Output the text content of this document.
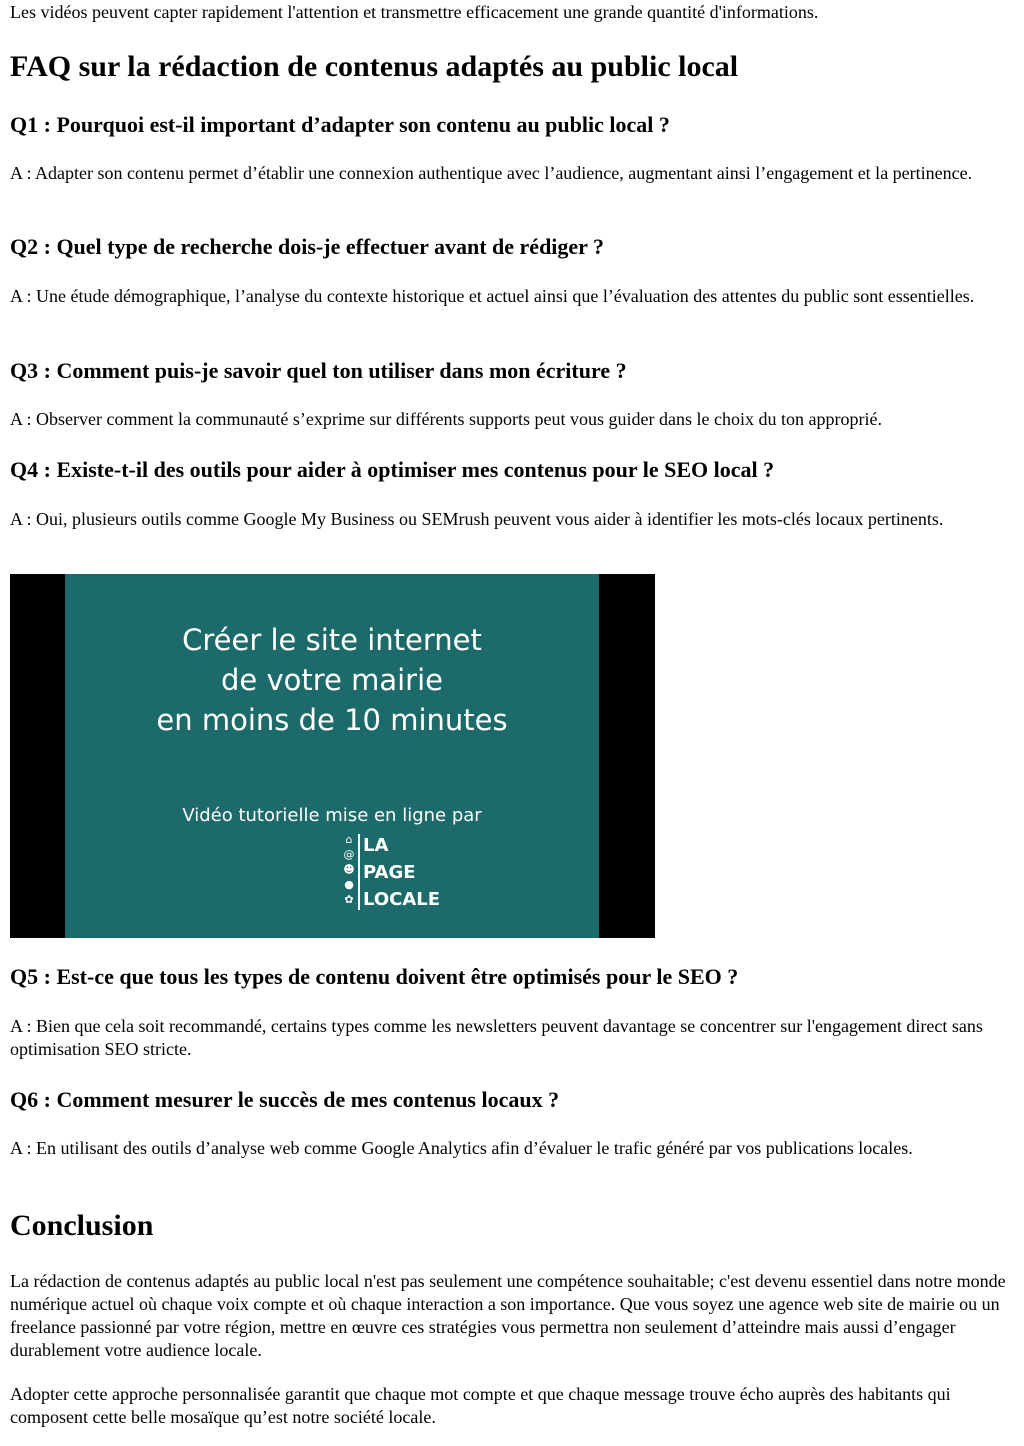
Les vidéos peuvent capter rapidement l'attention et transmettre efficacement une grande quantité d'informations.

FAQ sur la rédaction de contenus adaptés au public local
Q1 : Pourquoi est-il important d’adapter son contenu au public local ?

A : Adapter son contenu permet d’établir une connexion authentique avec l’audience, augmentant ainsi l’engagement et la pertinence.

Q2 : Quel type de recherche dois-je effectuer avant de rédiger ?

A : Une étude démographique, l’analyse du contexte historique et actuel ainsi que l’évaluation des attentes du public sont essentielles.

Q3 : Comment puis-je savoir quel ton utiliser dans mon écriture ?

A : Observer comment la communauté s’exprime sur différents supports peut vous guider dans le choix du ton approprié.

Q4 : Existe-t-il des outils pour aider à optimiser mes contenus pour le SEO local ?

A : Oui, plusieurs outils comme Google My Business ou SEMrush peuvent vous aider à identifier les mots-clés locaux pertinents.

Créer le site internet
de votre mairie
en moins de 10 minutes
Vidéo tutorielle mise en ligne par
⌂
@
☻
●
✿
LA
PAGE
LOCALE
Q5 : Est-ce que tous les types de contenu doivent être optimisés pour le SEO ?

A : Bien que cela soit recommandé, certains types comme les newsletters peuvent davantage se concentrer sur l'engagement direct sans optimisation SEO stricte.

Q6 : Comment mesurer le succès de mes contenus locaux ?

A : En utilisant des outils d’analyse web comme Google Analytics afin d’évaluer le trafic généré par vos publications locales.

Conclusion

La rédaction de contenus adaptés au public local n'est pas seulement une compétence souhaitable; c'est devenu essentiel dans notre monde numérique actuel où chaque voix compte et où chaque interaction a son importance. Que vous soyez une agence web site de mairie ou un freelance passionné par votre région, mettre en œuvre ces stratégies vous permettra non seulement d’atteindre mais aussi d’engager durablement votre audience locale.

Adopter cette approche personnalisée garantit que chaque mot compte et que chaque message trouve écho auprès des habitants qui composent cette belle mosaïque qu’est notre société locale.
